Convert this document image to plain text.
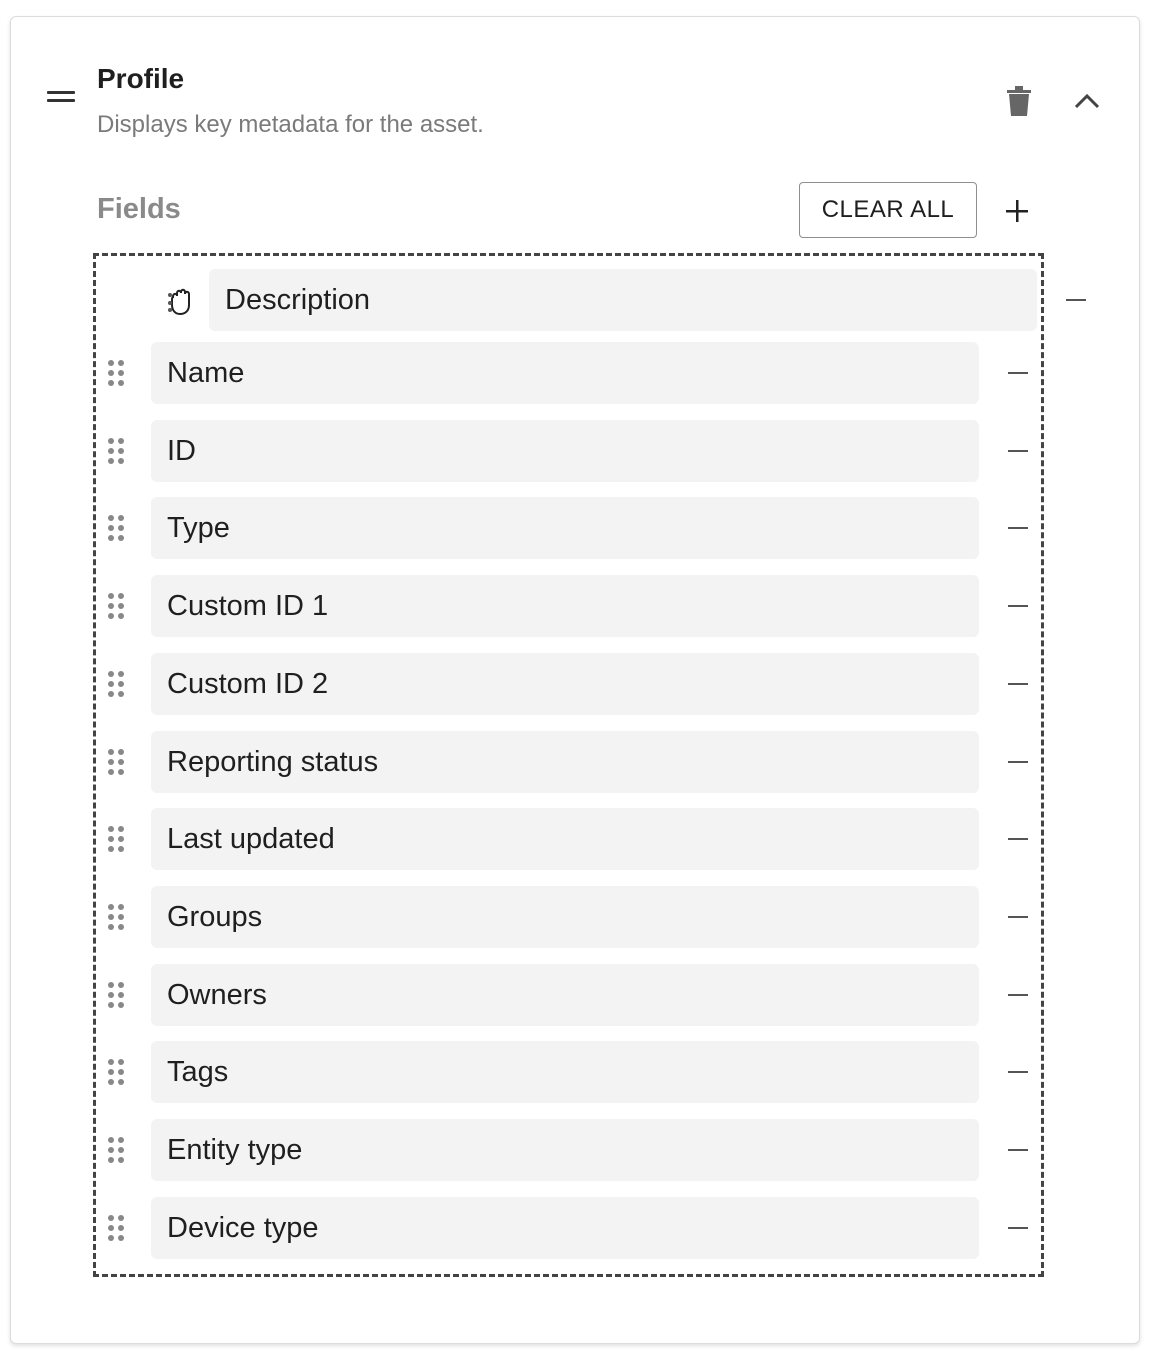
Profile
Displays key metadata for the asset.
Fields	CLEAR ALL
Description
Name
ID
Type
Custom ID 1
Custom ID 2
Reporting status
Last updated
Groups
Owners
Tags
Entity type
Device type
